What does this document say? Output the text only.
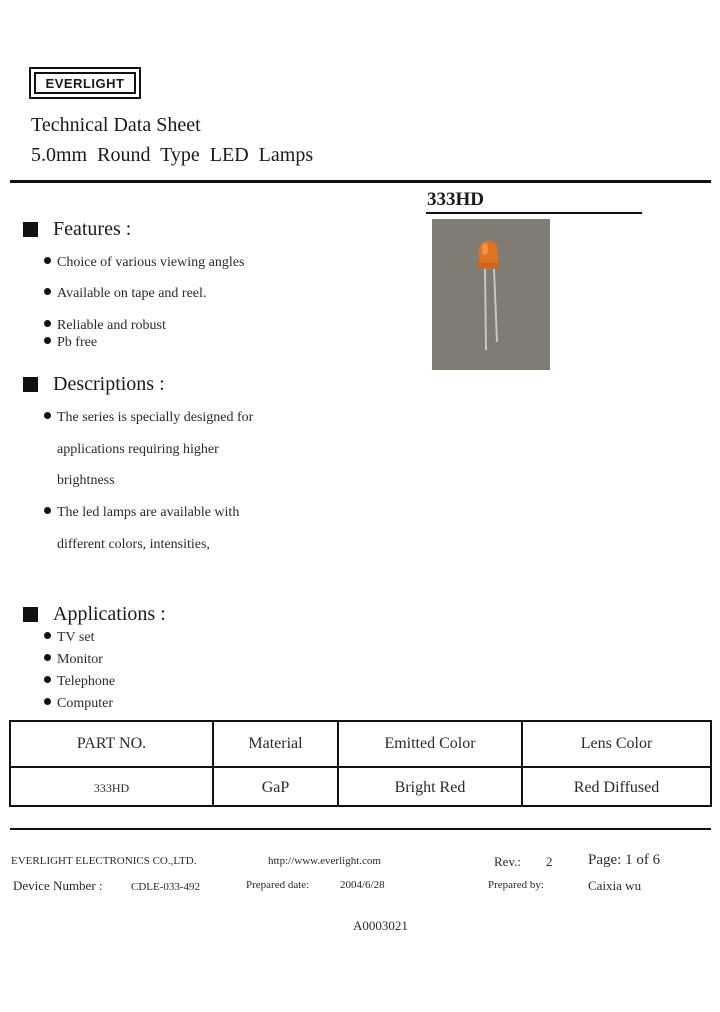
EVERLIGHT
Technical Data Sheet
5.0mm Round Type LED Lamps
333HD
Features :
Choice of various viewing angles
Available on tape and reel.
Reliable and robust
Pb free
Descriptions :
The series is specially designed for
applications requiring higher
brightness
The led lamps are available with
different colors, intensities,
Applications :
TV set
Monitor
Telephone
Computer
PART NO.	Material	Emitted Color	Lens Color
333HD	GaP	Bright Red	Red Diffused
EVERLIGHT ELECTRONICS CO.,LTD.	http://www.everlight.com	Rev.: 2 Page: 1 of 6
Device Number :	CDLE-033-492	Prepared date:	2004/6/28	Prepared by:	Caixia wu
A0003021
